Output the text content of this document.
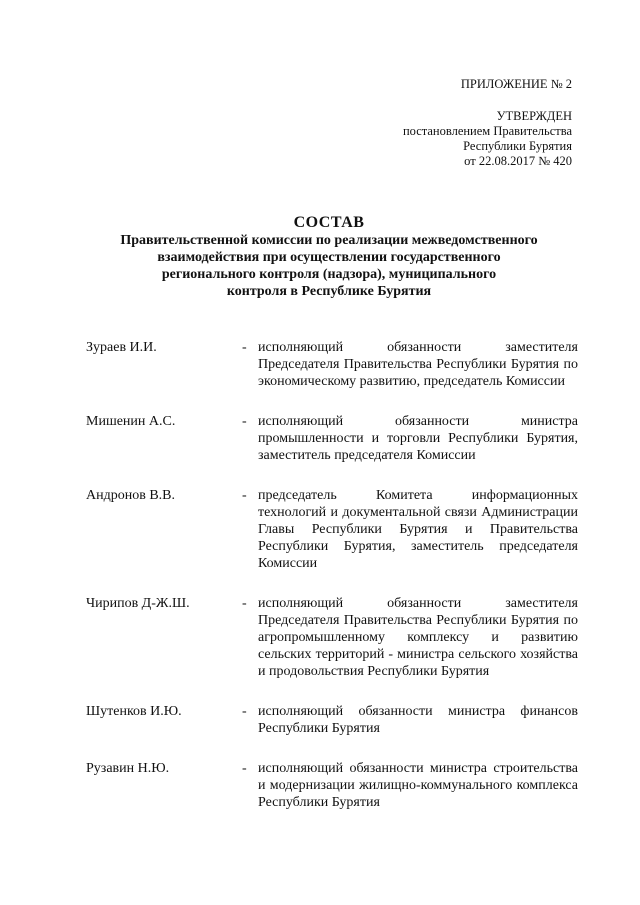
ПРИЛОЖЕНИЕ № 2
УТВЕРЖДЕН
постановлением Правительства
Республики Бурятия
от 22.08.2017 № 420
СОСТАВ
Правительственной комиссии по реализации межведомственного
взаимодействия при осуществлении государственного
регионального контроля (надзора), муниципального
контроля в Республике Бурятия
Зураев И.И.	- исполняющий обязанности заместителя Председателя Правительства Республики Бурятия по экономическому развитию, председатель Комиссии
Мишенин А.С.	- исполняющий обязанности министра промышленности и торговли Республики Бурятия, заместитель председателя Комиссии
Андронов В.В.	- председатель Комитета информационных технологий и документальной связи Администрации Главы Республики Бурятия и Правительства Республики Бурятия, заместитель председателя Комиссии
Чирипов Д-Ж.Ш.	- исполняющий обязанности заместителя Председателя Правительства Республики Бурятия по агропромышленному комплексу и развитию сельских территорий - министра сельского хозяйства и продовольствия Республики Бурятия
Шутенков И.Ю.	- исполняющий обязанности министра финансов Республики Бурятия
Рузавин Н.Ю.	- исполняющий обязанности министра строительства и модернизации жилищно-коммунального комплекса Республики Бурятия
